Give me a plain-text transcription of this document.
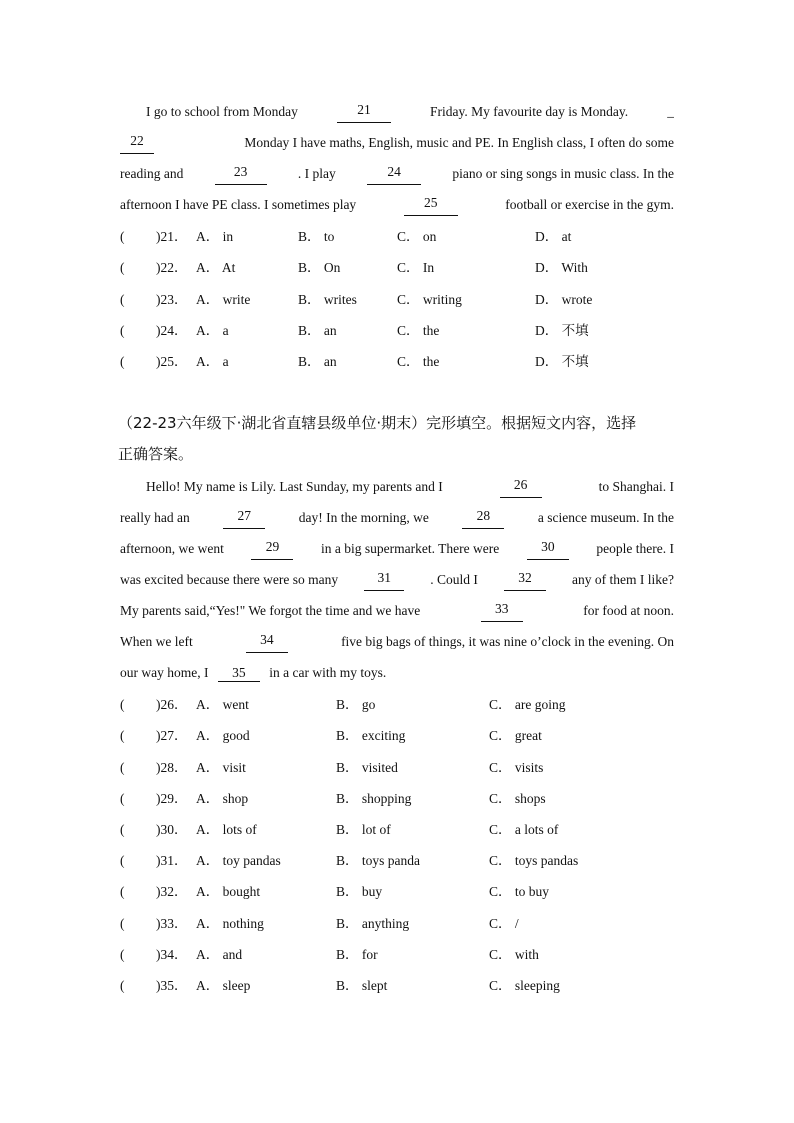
I go to school from Monday	21	Friday. My favourite day is Monday.	_
22	Monday I have maths, English, music and PE. In English class, I often do some
reading and	23	. I play	24	piano or sing songs in music class. In the
afternoon I have PE class. I sometimes play	25	football or exercise in the gym.
( )21． A． in	B． to	C． on	D． at
( )22． A． At	B． On	C． In	D． With
( )23． A． write	B． writes	C． writing	D． wrote
( )24． A． a	B． an	C． the	D． 不填
( )25． A． a	B． an	C． the	D． 不填
（22-23六年级下·湖北省直辖县级单位·期末）完形填空。根据短文内容，选择
正确答案。
Hello! My name is Lily. Last Sunday, my parents and I	26	to Shanghai. I
really had an	27	day! In the morning, we	28	a science museum. In the
afternoon, we went	29	in a big supermarket. There were	30	people there. I
was excited because there were so many	31	. Could I	32	any of them I like?
My parents said,“Yes!" We forgot the time and we have	33	for food at noon.
When we left	34	five big bags of things, it was nine o’clock in the evening. On
our way home, I 35 in a car with my toys.
( )26． A． went	B． go	C． are going
( )27． A． good	B． exciting	C． great
( )28． A． visit	B． visited	C． visits
( )29． A． shop	B． shopping	C． shops
( )30． A． lots of	B． lot of	C． a lots of
( )31． A． toy pandas	B． toys panda	C． toys pandas
( )32． A． bought	B． buy	C． to buy
( )33． A． nothing	B． anything	C． /
( )34． A． and	B． for	C． with
( )35． A． sleep	B． slept	C． sleeping
